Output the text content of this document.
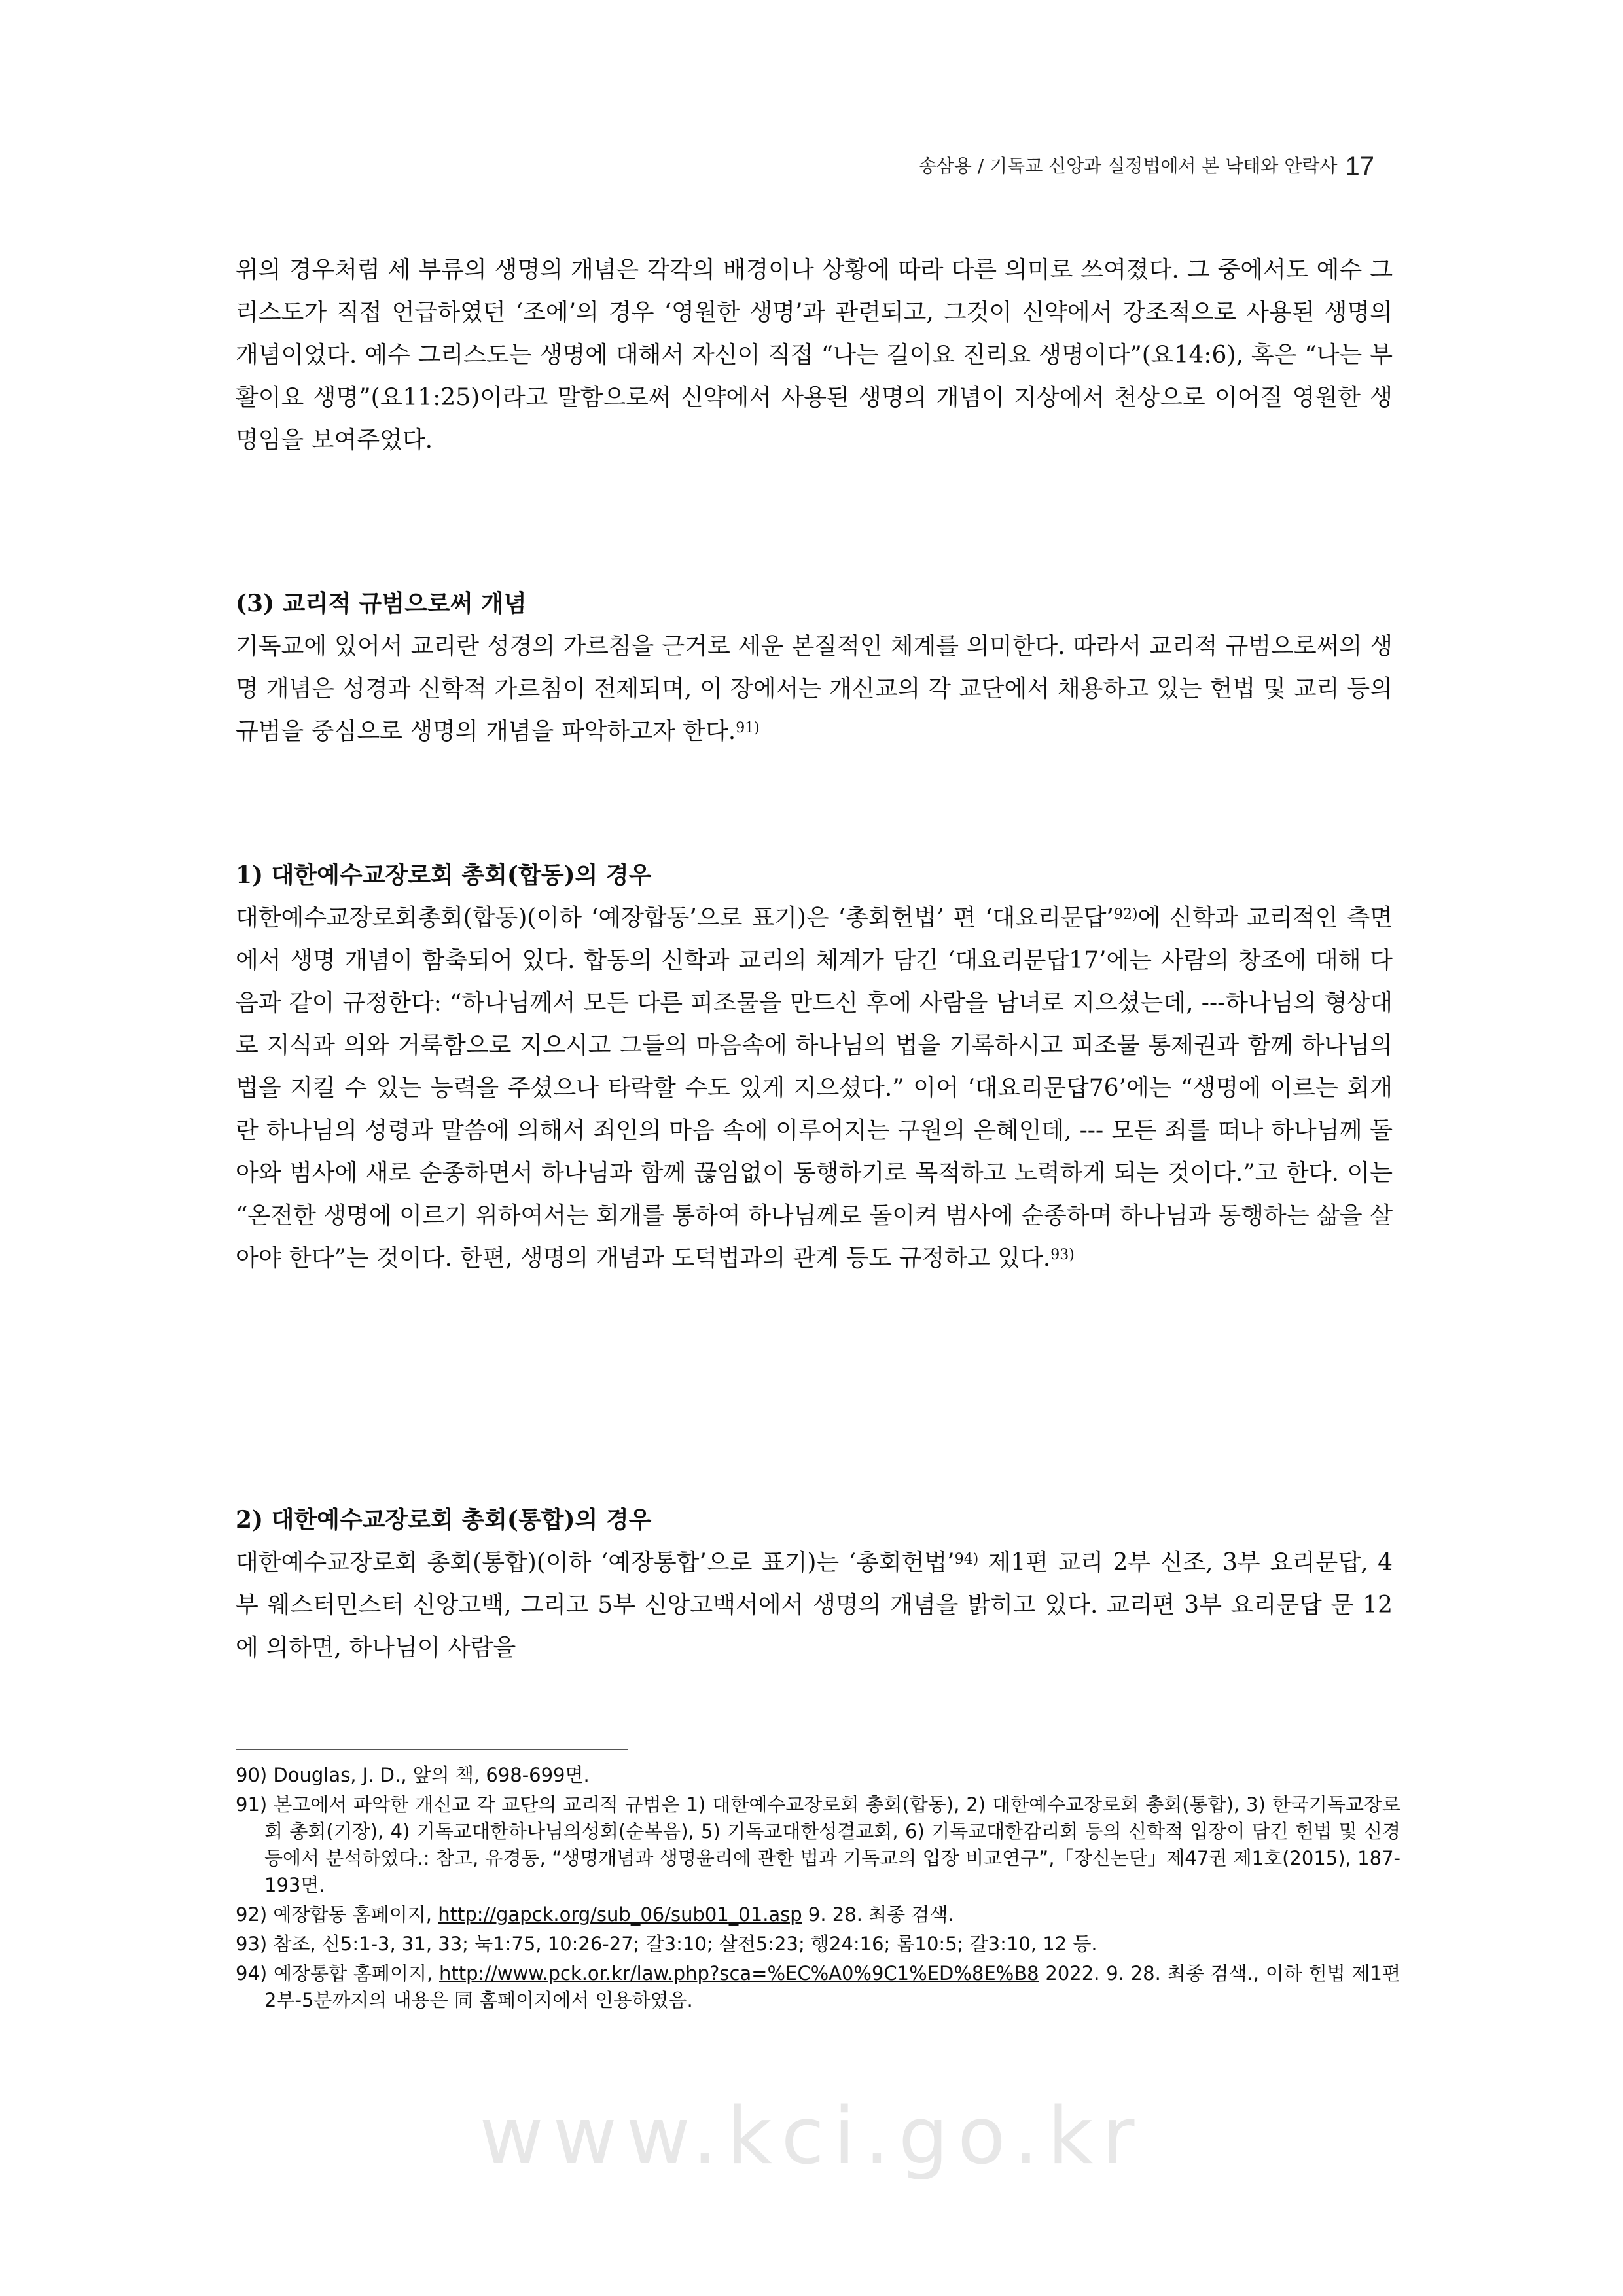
송삼용 / 기독교 신앙과 실정법에서 본 낙태와 안락사 17

위의 경우처럼 세 부류의 생명의 개념은 각각의 배경이나 상황에 따라 다른 의미로 쓰여졌다. 그 중에서도 예수 그리스도가 직접 언급하였던 ‘조에’의 경우 ‘영원한 생명’과 관련되고, 그것이 신약에서 강조적으로 사용된 생명의 개념이었다. 예수 그리스도는 생명에 대해서 자신이 직접 “나는 길이요 진리요 생명이다”(요14:6), 혹은 “나는 부활이요 생명”(요11:25)이라고 말함으로써 신약에서 사용된 생명의 개념이 지상에서 천상으로 이어질 영원한 생명임을 보여주었다.

(3) 교리적 규범으로써 개념

기독교에 있어서 교리란 성경의 가르침을 근거로 세운 본질적인 체계를 의미한다. 따라서 교리적 규범으로써의 생명 개념은 성경과 신학적 가르침이 전제되며, 이 장에서는 개신교의 각 교단에서 채용하고 있는 헌법 및 교리 등의 규범을 중심으로 생명의 개념을 파악하고자 한다.$^{91)}$

1) 대한예수교장로회 총회(합동)의 경우

대한예수교장로회총회(합동)(이하 ‘예장합동’으로 표기)은 ‘총회헌법’ 편 ‘대요리문답’$^{92)}$에 신학과 교리적인 측면에서 생명 개념이 함축되어 있다. 합동의 신학과 교리의 체계가 담긴 ‘대요리문답17’에는 사람의 창조에 대해 다음과 같이 규정한다: “하나님께서 모든 다른 피조물을 만드신 후에 사람을 남녀로 지으셨는데, ---하나님의 형상대로 지식과 의와 거룩함으로 지으시고 그들의 마음속에 하나님의 법을 기록하시고 피조물 통제권과 함께 하나님의 법을 지킬 수 있는 능력을 주셨으나 타락할 수도 있게 지으셨다.” 이어 ‘대요리문답76’에는 “생명에 이르는 회개란 하나님의 성령과 말씀에 의해서 죄인의 마음 속에 이루어지는 구원의 은혜인데, --- 모든 죄를 떠나 하나님께 돌아와 범사에 새로 순종하면서 하나님과 함께 끊임없이 동행하기로 목적하고 노력하게 되는 것이다.”고 한다. 이는 “온전한 생명에 이르기 위하여서는 회개를 통하여 하나님께로 돌이켜 범사에 순종하며 하나님과 동행하는 삶을 살아야 한다”는 것이다. 한편, 생명의 개념과 도덕법과의 관계 등도 규정하고 있다.$^{93)}$

2) 대한예수교장로회 총회(통합)의 경우

대한예수교장로회 총회(통합)(이하 ‘예장통합’으로 표기)는 ‘총회헌법’$^{94)}$ 제1편 교리 2부 신조, 3부 요리문답, 4부 웨스터민스터 신앙고백, 그리고 5부 신앙고백서에서 생명의 개념을 밝히고 있다. 교리편 3부 요리문답 문 12에 의하면, 하나님이 사람을

90) Douglas, J. D., 앞의 책, 698-699면.

91) 본고에서 파악한 개신교 각 교단의 교리적 규범은 1) 대한예수교장로회 총회(합동), 2) 대한예수교장로회 총회(통합), 3) 한국기독교장로회 총회(기장), 4) 기독교대한하나님의성회(순복음), 5) 기독교대한성결교회, 6) 기독교대한감리회 등의 신학적 입장이 담긴 헌법 및 신경 등에서 분석하였다.: 참고, 유경동, “생명개념과 생명윤리에 관한 법과 기독교의 입장 비교연구”,「장신논단」제47권 제1호(2015), 187-193면.

92) 예장합동 홈페이지, http://gapck.org/sub_06/sub01_01.asp 9. 28. 최종 검색.

93) 참조, 신5:1-3, 31, 33; 눅1:75, 10:26-27; 갈3:10; 살전5:23; 행24:16; 롬10:5; 갈3:10, 12 등.

94) 예장통합 홈페이지, http://www.pck.or.kr/law.php?sca=%EC%A0%9C1%ED%8E%B8 2022. 9. 28. 최종 검색., 이하 헌법 제1편 2부-5분까지의 내용은 同 홈페이지에서 인용하였음.

www.kci.go.kr
